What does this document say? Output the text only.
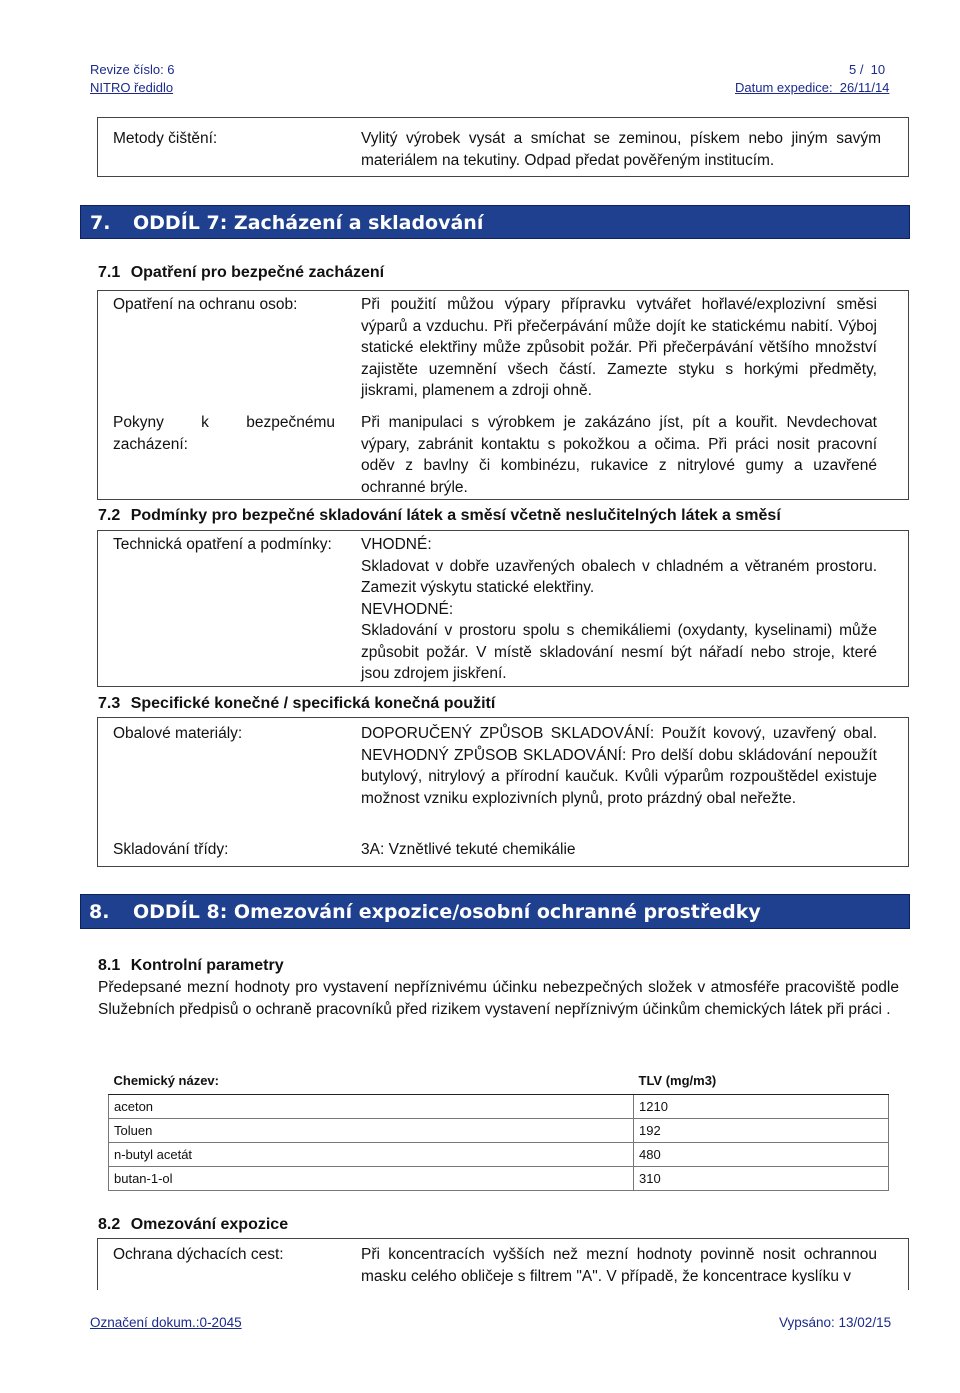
Revize číslo: 6	5 /  10
NITRO ředidlo	Datum expedice:  26/11/14
Metody čištění:	Vylitý výrobek vysát a smíchat se zeminou, pískem nebo jiným savým materiálem na tekutiny. Odpad předat pověřeným institucím.
7. ODDÍL 7: Zacházení a skladování
7.1 Opatření pro bezpečné zacházení
Opatření na ochranu osob:	Při použití můžou výpary přípravku vytvářet hořlavé/explozivní směsi výparů a vzduchu. Při přečerpávání může dojít ke statickému nabití. Výboj statické elektřiny může způsobit požár. Při přečerpávání většího množství zajistěte uzemnění všech částí. Zamezte styku s horkými předměty, jiskrami, plamenem a zdroji ohně.
Pokyny k bezpečnému zacházení:
Při manipulaci s výrobkem je zakázáno jíst, pít a kouřit. Nevdechovat výpary, zabránit kontaktu s pokožkou a očima. Při práci nosit pracovní oděv z bavlny či kombinézu, rukavice z nitrylové gumy a uzavřené ochranné brýle.
7.2 Podmínky pro bezpečné skladování látek a směsí včetně neslučitelných látek a směsí
Technická opatření a podmínky: VHODNÉ:

Skladovat v dobře uzavřených obalech v chladném a větraném prostoru. Zamezit výskytu statické elektřiny.

NEVHODNÉ:

Skladování v prostoru spolu s chemikáliemi (oxydanty, kyselinami) může způsobit požár. V místě skladování nesmí být nářadí nebo stroje, které jsou zdrojem jiskření.

7.3 Specifické konečné / specifická konečná použití
Obalové materiály:	DOPORUČENÝ ZPŮSOB SKLADOVÁNÍ: Použít kovový, uzavřený obal. NEVHODNÝ ZPŮSOB SKLADOVÁNÍ: Pro delší dobu skládování nepoužít butylový, nitrylový a přírodní kaučuk. Kvůli výparům rozpouštědel existuje možnost vzniku explozivních plynů, proto prázdný obal neřežte.
Skladování třídy:	3A: Vznětlivé tekuté chemikálie
8. ODDÍL 8: Omezování expozice/osobní ochranné prostředky
8.1 Kontrolní parametry
Předepsané mezní hodnoty pro vystavení nepříznivému účinku nebezpečných složek v atmosféře pracoviště podle Služebních předpisů o ochraně pracovníků před rizikem vystavení nepříznivým účinkům chemických látek při práci .
Chemický název:	TLV (mg/m3)
aceton	1210
Toluen	192
n-butyl acetát	480
butan-1-ol	310
8.2 Omezování expozice
Ochrana dýchacích cest:	Při koncentracích vyšších než mezní hodnoty povinně nosit ochrannou masku celého obličeje s filtrem "A". V případě, že koncentrace kyslíku v
Označení dokum.:0-2045	Vypsáno: 13/02/15
